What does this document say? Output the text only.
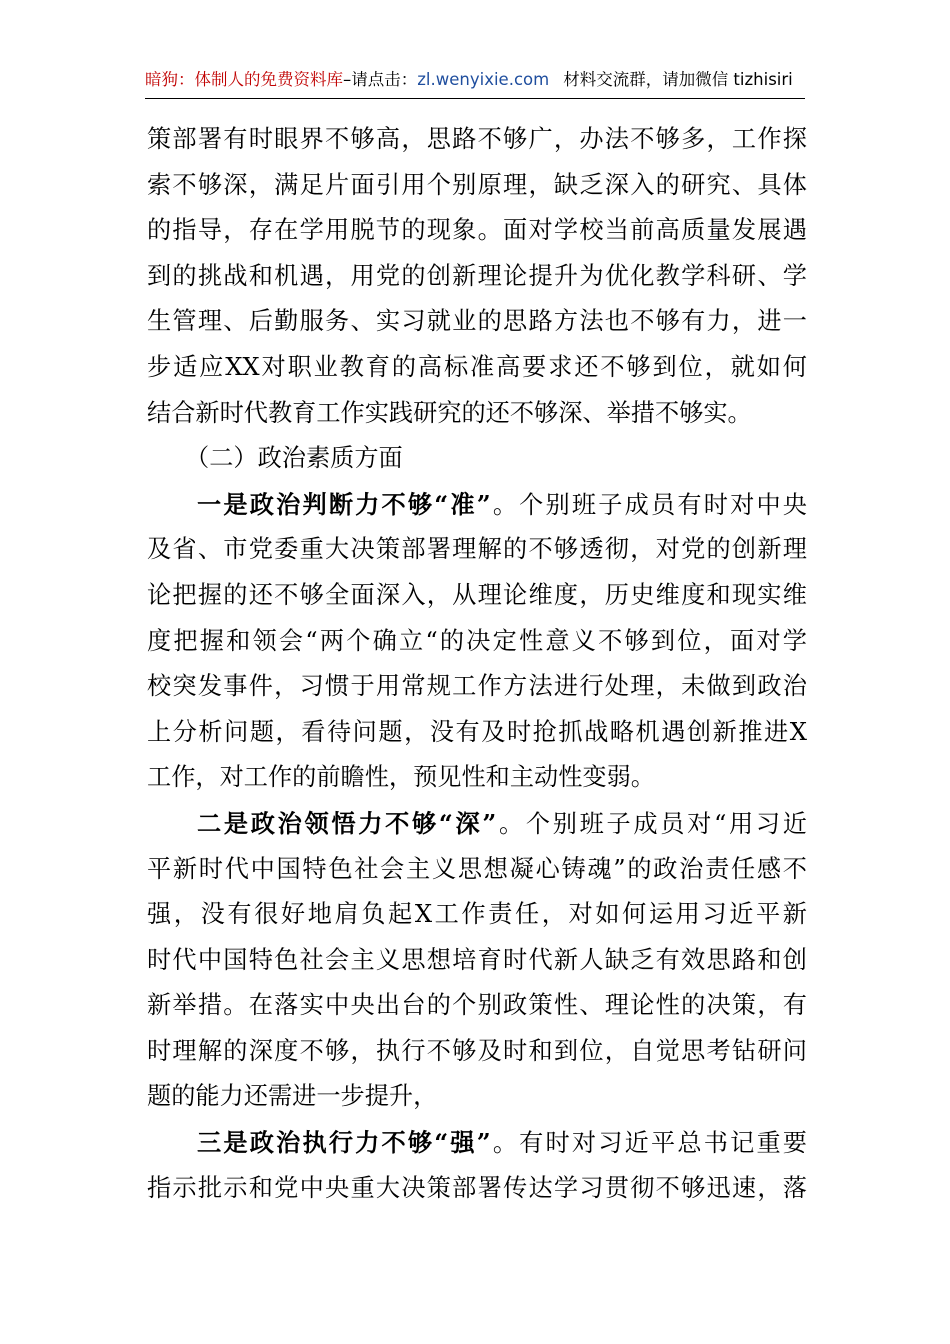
暗狗：体制人的免费资料库–请点击：zl.wenyixie.com 材料交流群，请加微信 tizhisiri
策部署有时眼界不够高，思路不够广，办法不够多，工作探
索不够深，满足片面引用个别原理，缺乏深入的研究、具体
的指导，存在学用脱节的现象。面对学校当前高质量发展遇
到的挑战和机遇，用党的创新理论提升为优化教学科研、学
生管理、后勤服务、实习就业的思路方法也不够有力，进一
步适应XX对职业教育的高标准高要求还不够到位，就如何
结合新时代教育工作实践研究的还不够深、举措不够实。
（二）政治素质方面
一是政治判断力不够“准”。个别班子成员有时对中央
及省、市党委重大决策部署理解的不够透彻，对党的创新理
论把握的还不够全面深入，从理论维度，历史维度和现实维
度把握和领会“两个确立“的决定性意义不够到位，面对学
校突发事件，习惯于用常规工作方法进行处理，未做到政治
上分析问题，看待问题，没有及时抢抓战略机遇创新推进X
工作，对工作的前瞻性，预见性和主动性变弱。
二是政治领悟力不够“深”。个别班子成员对“用习近
平新时代中国特色社会主义思想凝心铸魂”的政治责任感不
强，没有很好地肩负起X工作责任，对如何运用习近平新
时代中国特色社会主义思想培育时代新人缺乏有效思路和创
新举措。在落实中央出台的个别政策性、理论性的决策，有
时理解的深度不够，执行不够及时和到位，自觉思考钻研问
题的能力还需进一步提升，
三是政治执行力不够“强”。有时对习近平总书记重要
指示批示和党中央重大决策部署传达学习贯彻不够迅速，落
